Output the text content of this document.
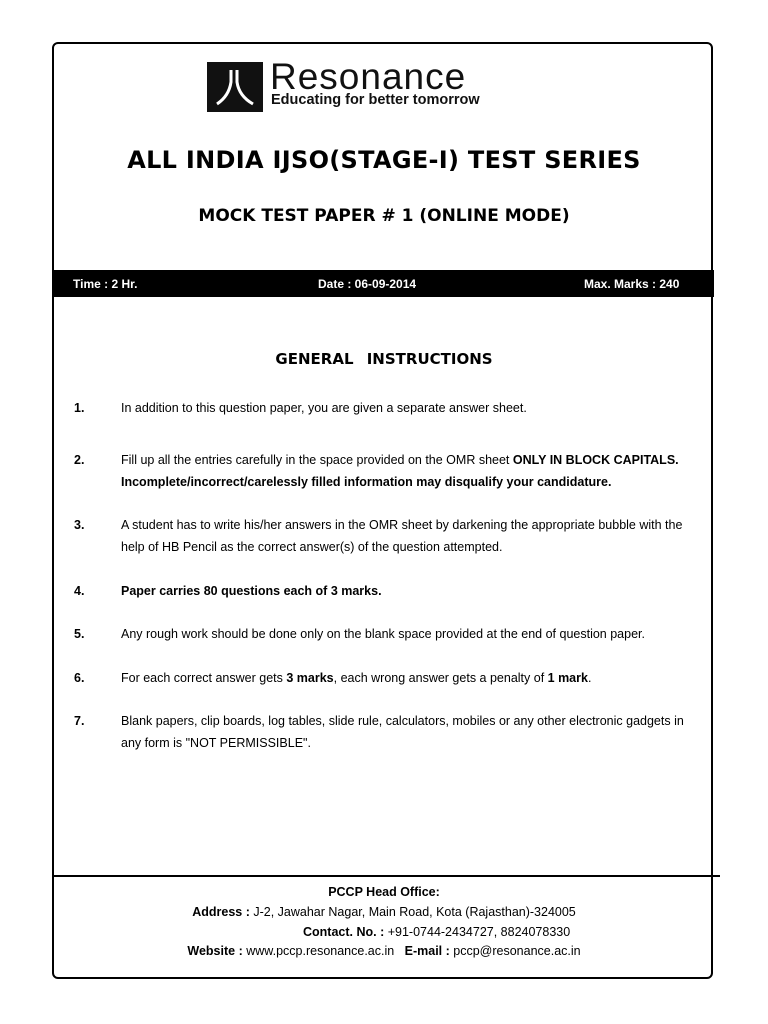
Resonance
Educating for better tomorrow
ALL INDIA IJSO(STAGE-I) TEST SERIES
MOCK TEST PAPER # 1 (ONLINE MODE)
Time : 2 Hr.	Date : 06-09-2014	Max. Marks : 240
GENERAL INSTRUCTIONS
1.	In addition to this question paper, you are given a separate answer sheet.
2.	Fill up all the entries carefully in the space provided on the OMR sheet ONLY IN BLOCK CAPITALS.
Incomplete/incorrect/carelessly filled information may disqualify your candidature.
3.	A student has to write his/her answers in the OMR sheet by darkening the appropriate bubble with the
help of HB Pencil as the correct answer(s) of the question attempted.
4.	Paper carries 80 questions each of 3 marks.
5.	Any rough work should be done only on the blank space provided at the end of question paper.
6.	For each correct answer gets 3 marks, each wrong answer gets a penalty of 1 mark.
7.	Blank papers, clip boards, log tables, slide rule, calculators, mobiles or any other electronic gadgets in
any form is "NOT PERMISSIBLE".
PCCP Head Office:
Address : J-2, Jawahar Nagar, Main Road, Kota (Rajasthan)-324005
Contact. No. : +91-0744-2434727, 8824078330
Website : www.pccp.resonance.ac.in   E-mail : pccp@resonance.ac.in
